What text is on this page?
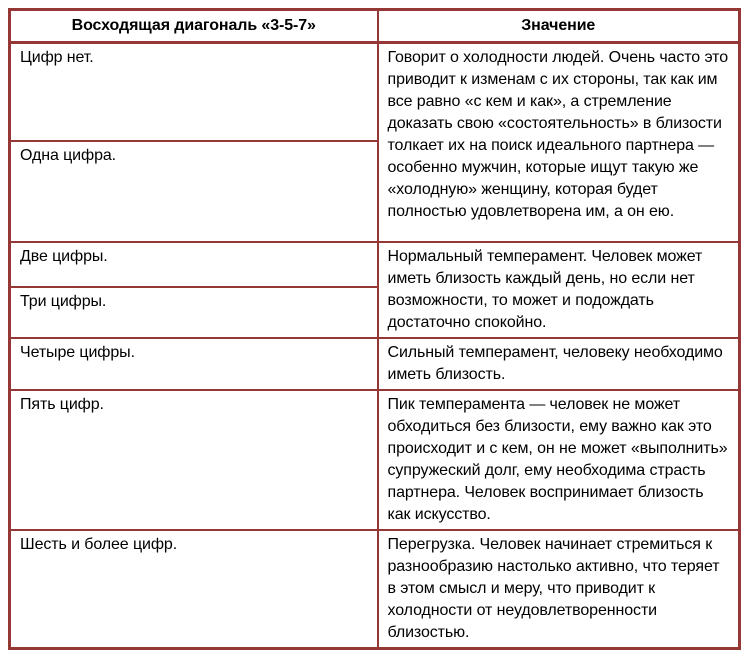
Восходящая диагональ «3-5-7»	Значение
Цифр нет.	Говорит о холодности людей. Очень часто это приводит к изменам с их стороны, так как им все равно «с кем и как», а стремление доказать свою «состоятельность» в близости толкает их на поиск идеального партнера — особенно мужчин, которые ищут такую же «холодную» женщину, которая будет полностью удовлетворена им, а он ею.
Одна цифра.	
Две цифры.	Нормальный темперамент. Человек может иметь близость каждый день, но если нет возможности, то может и подождать достаточно спокойно.
Три цифры.	
Четыре цифры.	Сильный темперамент, человеку необходимо иметь близость.
Пять цифр.	Пик темперамента — человек не может обходиться без близости, ему важно как это происходит и с кем, он не может «выполнить» супружеский долг, ему необходима страсть партнера. Человек воспринимает близость как искусство.
Шесть и более цифр.	Перегрузка. Человек начинает стремиться к разнообразию настолько активно, что теряет в этом смысл и меру, что приводит к холодности от неудовлетворенности близостью.
